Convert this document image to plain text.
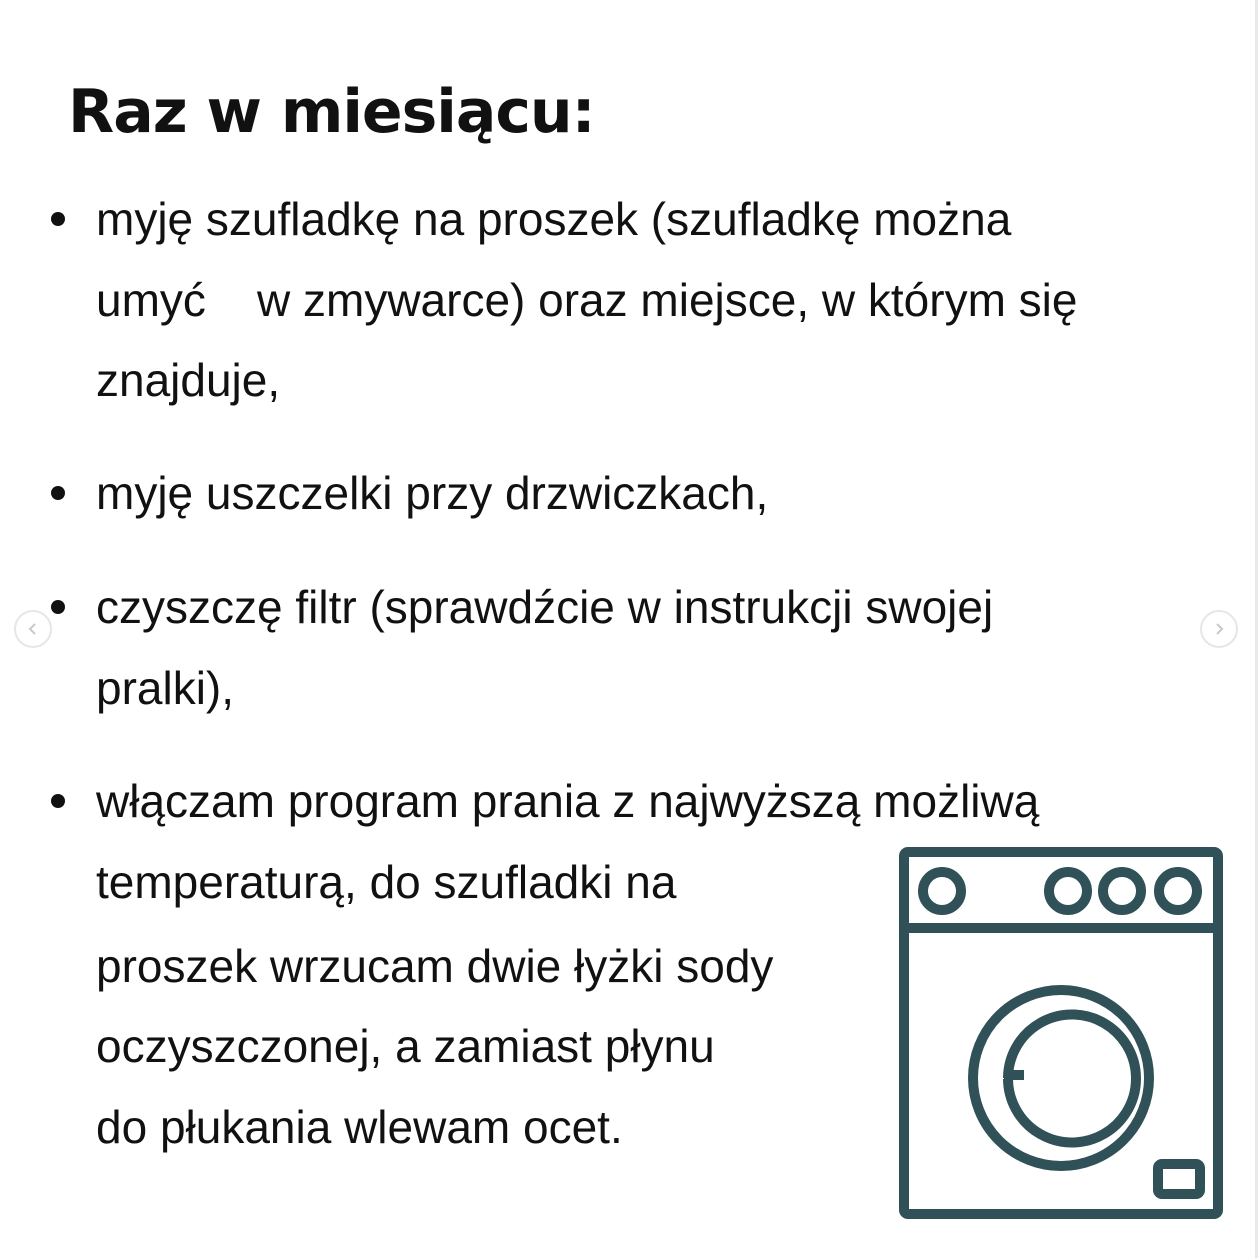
Raz w miesiącu:

myję szufladkę na proszek (szufladkę można

umyć    w zmywarce) oraz miejsce, w którym się

znajduje,

myję uszczelki przy drzwiczkach,

czyszczę filtr (sprawdźcie w instrukcji swojej

pralki),

włączam program prania z najwyższą możliwą

temperaturą, do szufladki na

proszek wrzucam dwie łyżki sody

oczyszczonej, a zamiast płynu

do płukania wlewam ocet.
